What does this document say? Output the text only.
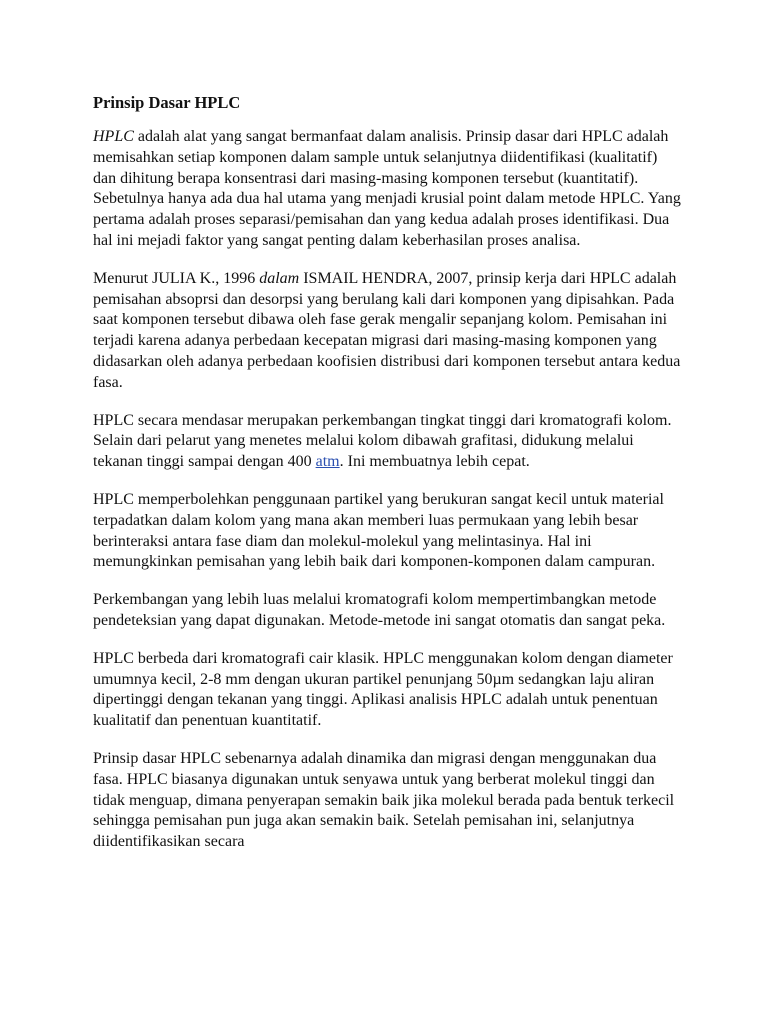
Prinsip Dasar HPLC

HPLC adalah alat yang sangat bermanfaat dalam analisis. Prinsip dasar dari HPLC adalah memisahkan setiap komponen dalam sample untuk selanjutnya diidentifikasi (kualitatif) dan dihitung berapa konsentrasi dari masing-masing komponen tersebut (kuantitatif). Sebetulnya hanya ada dua hal utama yang menjadi krusial point dalam metode HPLC. Yang pertama adalah proses separasi/pemisahan dan yang kedua adalah proses identifikasi. Dua hal ini mejadi faktor yang sangat penting dalam keberhasilan proses analisa.

Menurut JULIA K., 1996 dalam ISMAIL HENDRA, 2007, prinsip kerja dari HPLC adalah pemisahan absoprsi dan desorpsi yang berulang kali dari komponen yang dipisahkan. Pada saat komponen tersebut dibawa oleh fase gerak mengalir sepanjang kolom. Pemisahan ini terjadi karena adanya perbedaan kecepatan migrasi dari masing-masing komponen yang didasarkan oleh adanya perbedaan koofisien distribusi dari komponen tersebut antara kedua fasa.

HPLC secara mendasar merupakan perkembangan tingkat tinggi dari kromatografi kolom. Selain dari pelarut yang menetes melalui kolom dibawah grafitasi, didukung melalui tekanan tinggi sampai dengan 400 atm. Ini membuatnya lebih cepat.

HPLC memperbolehkan penggunaan partikel yang berukuran sangat kecil untuk material terpadatkan dalam kolom yang mana akan memberi luas permukaan yang lebih besar berinteraksi antara fase diam dan molekul-molekul yang melintasinya. Hal ini memungkinkan pemisahan yang lebih baik dari komponen-komponen dalam campuran.

Perkembangan yang lebih luas melalui kromatografi kolom mempertimbangkan metode pendeteksian yang dapat digunakan. Metode-metode ini sangat otomatis dan sangat peka.

HPLC berbeda dari kromatografi cair klasik. HPLC menggunakan kolom dengan diameter umumnya kecil, 2-8 mm dengan ukuran partikel penunjang 50µm sedangkan laju aliran dipertinggi dengan tekanan yang tinggi. Aplikasi analisis HPLC adalah untuk penentuan kualitatif dan penentuan kuantitatif.

Prinsip dasar HPLC sebenarnya adalah dinamika dan migrasi dengan menggunakan dua fasa. HPLC biasanya digunakan untuk senyawa untuk yang berberat molekul tinggi dan tidak menguap, dimana penyerapan semakin baik jika molekul berada pada bentuk terkecil sehingga pemisahan pun juga akan semakin baik. Setelah pemisahan ini, selanjutnya diidentifikasikan secara
